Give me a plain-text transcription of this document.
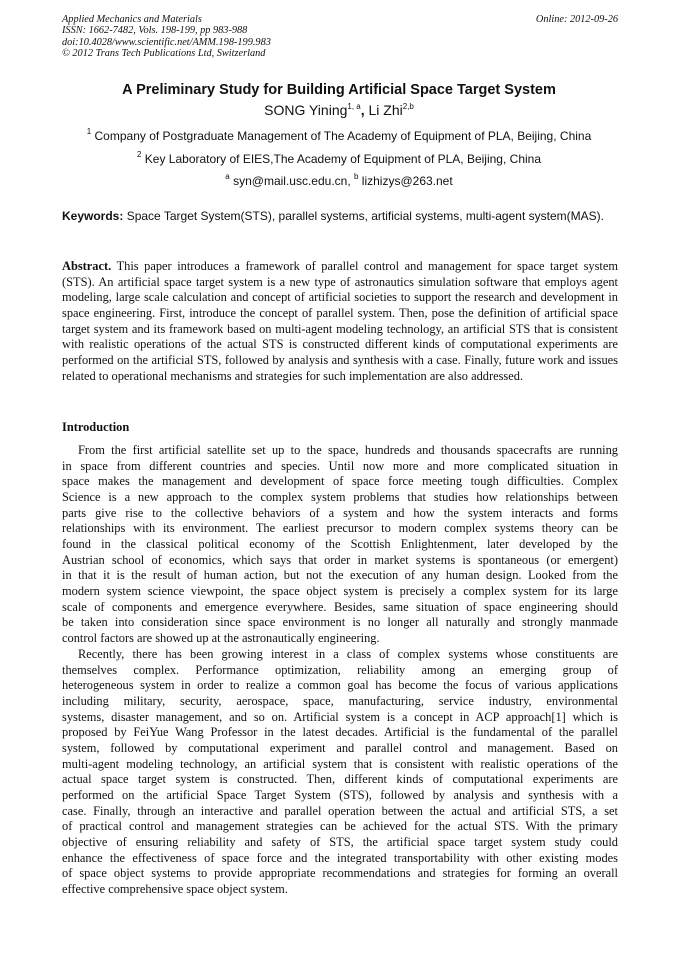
Applied Mechanics and Materials
ISSN: 1662-7482, Vols. 198-199, pp 983-988
doi:10.4028/www.scientific.net/AMM.198-199.983
© 2012 Trans Tech Publications Ltd, Switzerland
Online: 2012-09-26
A Preliminary Study for Building Artificial Space Target System
SONG Yining$^{1, a}$, Li Zhi$^{2,b}$
$^1$ Company of Postgraduate Management of The Academy of Equipment of PLA, Beijing, China
$^2$ Key Laboratory of EIES,The Academy of Equipment of PLA, Beijing, China
$^a$ syn@mail.usc.edu.cn, $^b$ lizhizys@263.net
Keywords: Space Target System(STS), parallel systems, artificial systems, multi-agent system(MAS).
Abstract. This paper introduces a framework of parallel control and management for space target system (STS). An artificial space target system is a new type of astronautics simulation software that employs agent modeling, large scale calculation and concept of artificial societies to support the research and development in space engineering. First, introduce the concept of parallel system. Then, pose the definition of artificial space target system and its framework based on multi-agent modeling technology, an artificial STS that is consistent with realistic operations of the actual STS is constructed different kinds of computational experiments are performed on the artificial STS, followed by analysis and synthesis with a case. Finally, future work and issues related to operational mechanisms and strategies for such implementation are also addressed.
Introduction
From the first artificial satellite set up to the space, hundreds and thousands spacecrafts are running
in space from different countries and species. Until now more and more complicated situation in
space makes the management and development of space force meeting tough difficulties. Complex
Science is a new approach to the complex system problems that studies how relationships between
parts give rise to the collective behaviors of a system and how the system interacts and forms
relationships with its environment. The earliest precursor to modern complex systems theory can be
found in the classical political economy of the Scottish Enlightenment, later developed by the
Austrian school of economics, which says that order in market systems is spontaneous (or emergent)
in that it is the result of human action, but not the execution of any human design. Looked from the
modern system science viewpoint, the space object system is precisely a complex system for its large
scale of components and emergence everywhere. Besides, same situation of space engineering should
be taken into consideration since space environment is no longer all naturally and strongly manmade
control factors are showed up at the astronautically engineering.
Recently, there has been growing interest in a class of complex systems whose constituents are
themselves complex. Performance optimization, reliability among an emerging group of
heterogeneous system in order to realize a common goal has become the focus of various applications
including military, security, aerospace, space, manufacturing, service industry, environmental
systems, disaster management, and so on. Artificial system is a concept in ACP approach[1] which is
proposed by FeiYue Wang Professor in the latest decades. Artificial is the fundamental of the parallel
system, followed by computational experiment and parallel control and management. Based on
multi-agent modeling technology, an artificial system that is consistent with realistic operations of the
actual space target system is constructed. Then, different kinds of computational experiments are
performed on the artificial Space Target System (STS), followed by analysis and synthesis with a
case. Finally, through an interactive and parallel operation between the actual and artificial STS, a set
of practical control and management strategies can be achieved for the actual STS. With the primary
objective of ensuring reliability and safety of STS, the artificial space target system study could
enhance the effectiveness of space force and the integrated transportability with other existing modes
of space object systems to provide appropriate recommendations and strategies for forming an overall
effective comprehensive space object system.
